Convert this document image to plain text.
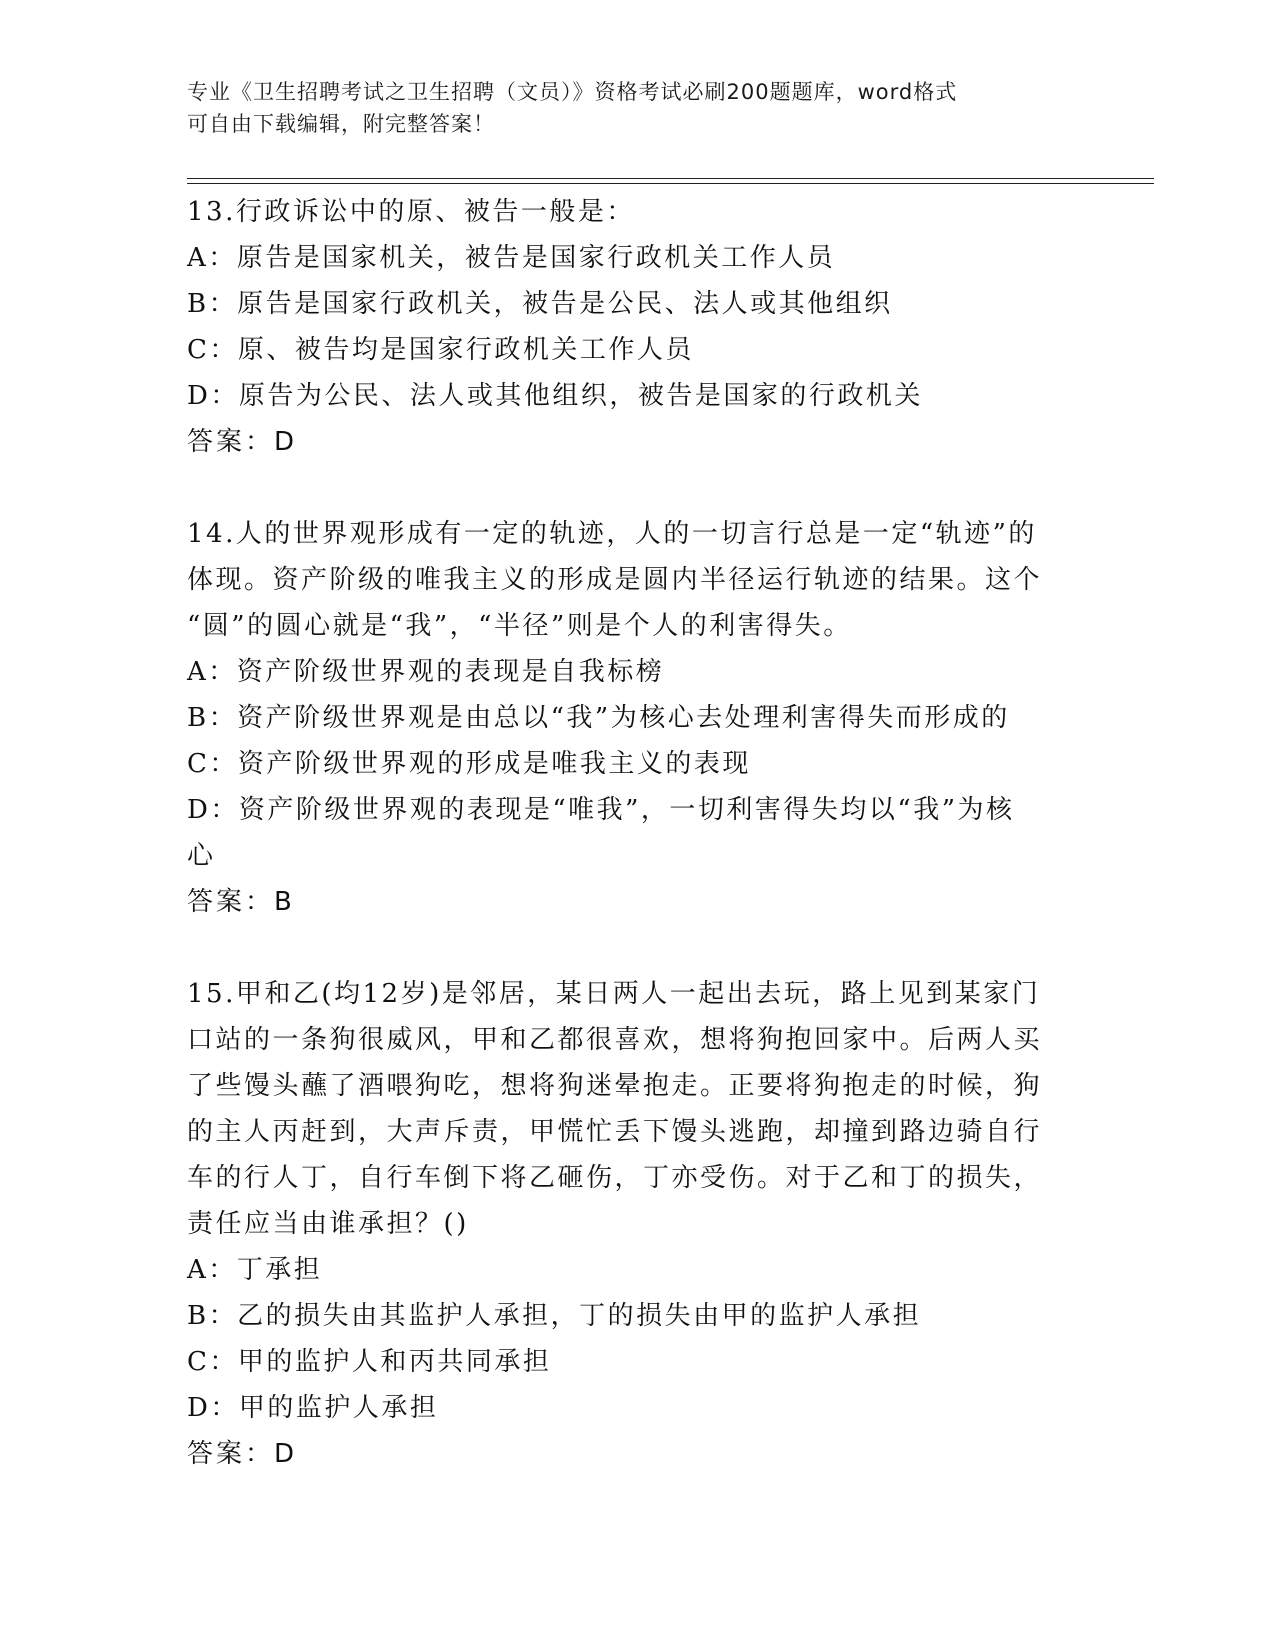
专业《卫生招聘考试之卫生招聘（文员）》资格考试必刷200题题库，word格式
可自由下载编辑，附完整答案！
13.行政诉讼中的原、被告一般是：
A：原告是国家机关，被告是国家行政机关工作人员
B：原告是国家行政机关，被告是公民、法人或其他组织
C：原、被告均是国家行政机关工作人员
D：原告为公民、法人或其他组织，被告是国家的行政机关
答案：D
14.人的世界观形成有一定的轨迹，人的一切言行总是一定“轨迹”的
体现。资产阶级的唯我主义的形成是圆内半径运行轨迹的结果。这个
“圆”的圆心就是“我”，“半径”则是个人的利害得失。
A：资产阶级世界观的表现是自我标榜
B：资产阶级世界观是由总以“我”为核心去处理利害得失而形成的
C：资产阶级世界观的形成是唯我主义的表现
D：资产阶级世界观的表现是“唯我”，一切利害得失均以“我”为核
心
答案：B
15.甲和乙(均12岁)是邻居，某日两人一起出去玩，路上见到某家门
口站的一条狗很威风，甲和乙都很喜欢，想将狗抱回家中。后两人买
了些馒头蘸了酒喂狗吃，想将狗迷晕抱走。正要将狗抱走的时候，狗
的主人丙赶到，大声斥责，甲慌忙丢下馒头逃跑，却撞到路边骑自行
车的行人丁，自行车倒下将乙砸伤，丁亦受伤。对于乙和丁的损失，
责任应当由谁承担？()
A：丁承担
B：乙的损失由其监护人承担，丁的损失由甲的监护人承担
C：甲的监护人和丙共同承担
D：甲的监护人承担
答案：D
